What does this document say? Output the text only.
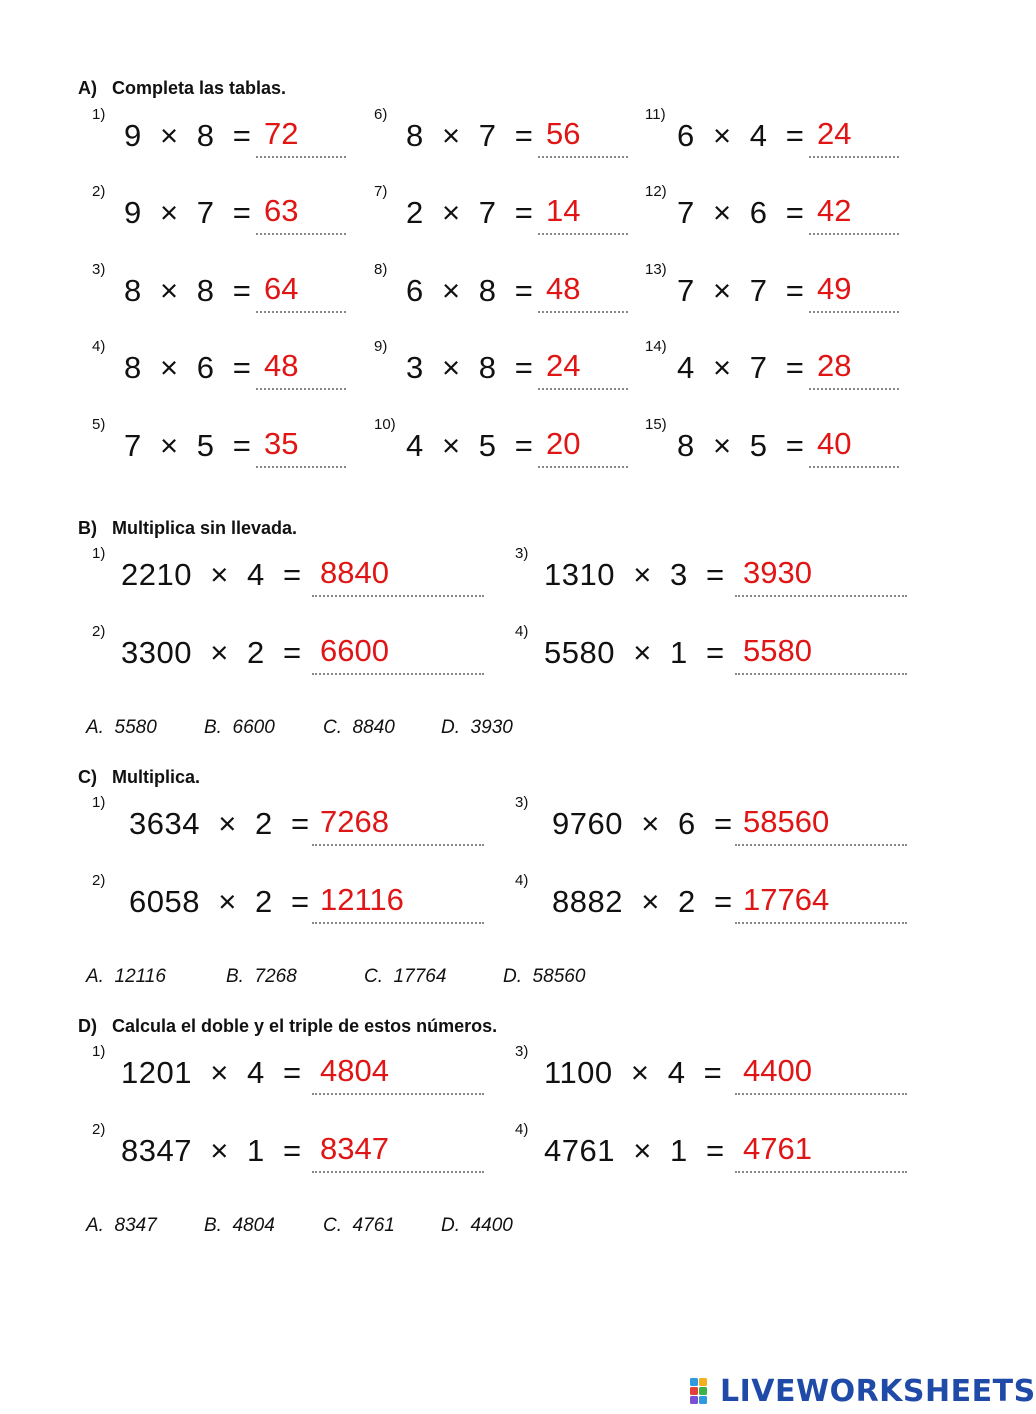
A) Completa las tablas.
1)
9  ×  8  = 72
2)
9  ×  7  = 63
3)
8  ×  8  = 64
4)
8  ×  6  = 48
5)
7  ×  5  = 35
6)
8  ×  7  = 56
7)
2  ×  7  = 14
8)
6  ×  8  = 48
9)
3  ×  8  = 24
10)
4  ×  5  = 20
11)
6  ×  4  = 24
12)
7  ×  6  = 42
13)
7  ×  7  = 49
14)
4  ×  7  = 28
15)
8  ×  5  = 40
B) Multiplica sin llevada.
1)
2210  ×  4  = 8840
2)
3300  ×  2  = 6600
3)
1310  ×  3  = 3930
4)
5580  ×  1  = 5580
A.  5580 B.  6600	C.  8840 D.  3930
C) Multiplica.
1)
3634  ×  2  = 7268
2)
6058  ×  2  = 12116
3)
9760  ×  6  = 58560
4)
8882  ×  2  = 17764
A.  12116	B.  7268	C.  17764	D.  58560
D) Calcula el doble y el triple de estos números.
1)
1201  ×  4  = 4804
2)
8347  ×  1  = 8347
3)
1100  ×  4  = 4400
4)
4761  ×  1  = 4761
A.  8347 B.  4804	C.  4761 D.  4400
LIVEWORKSHEETS
